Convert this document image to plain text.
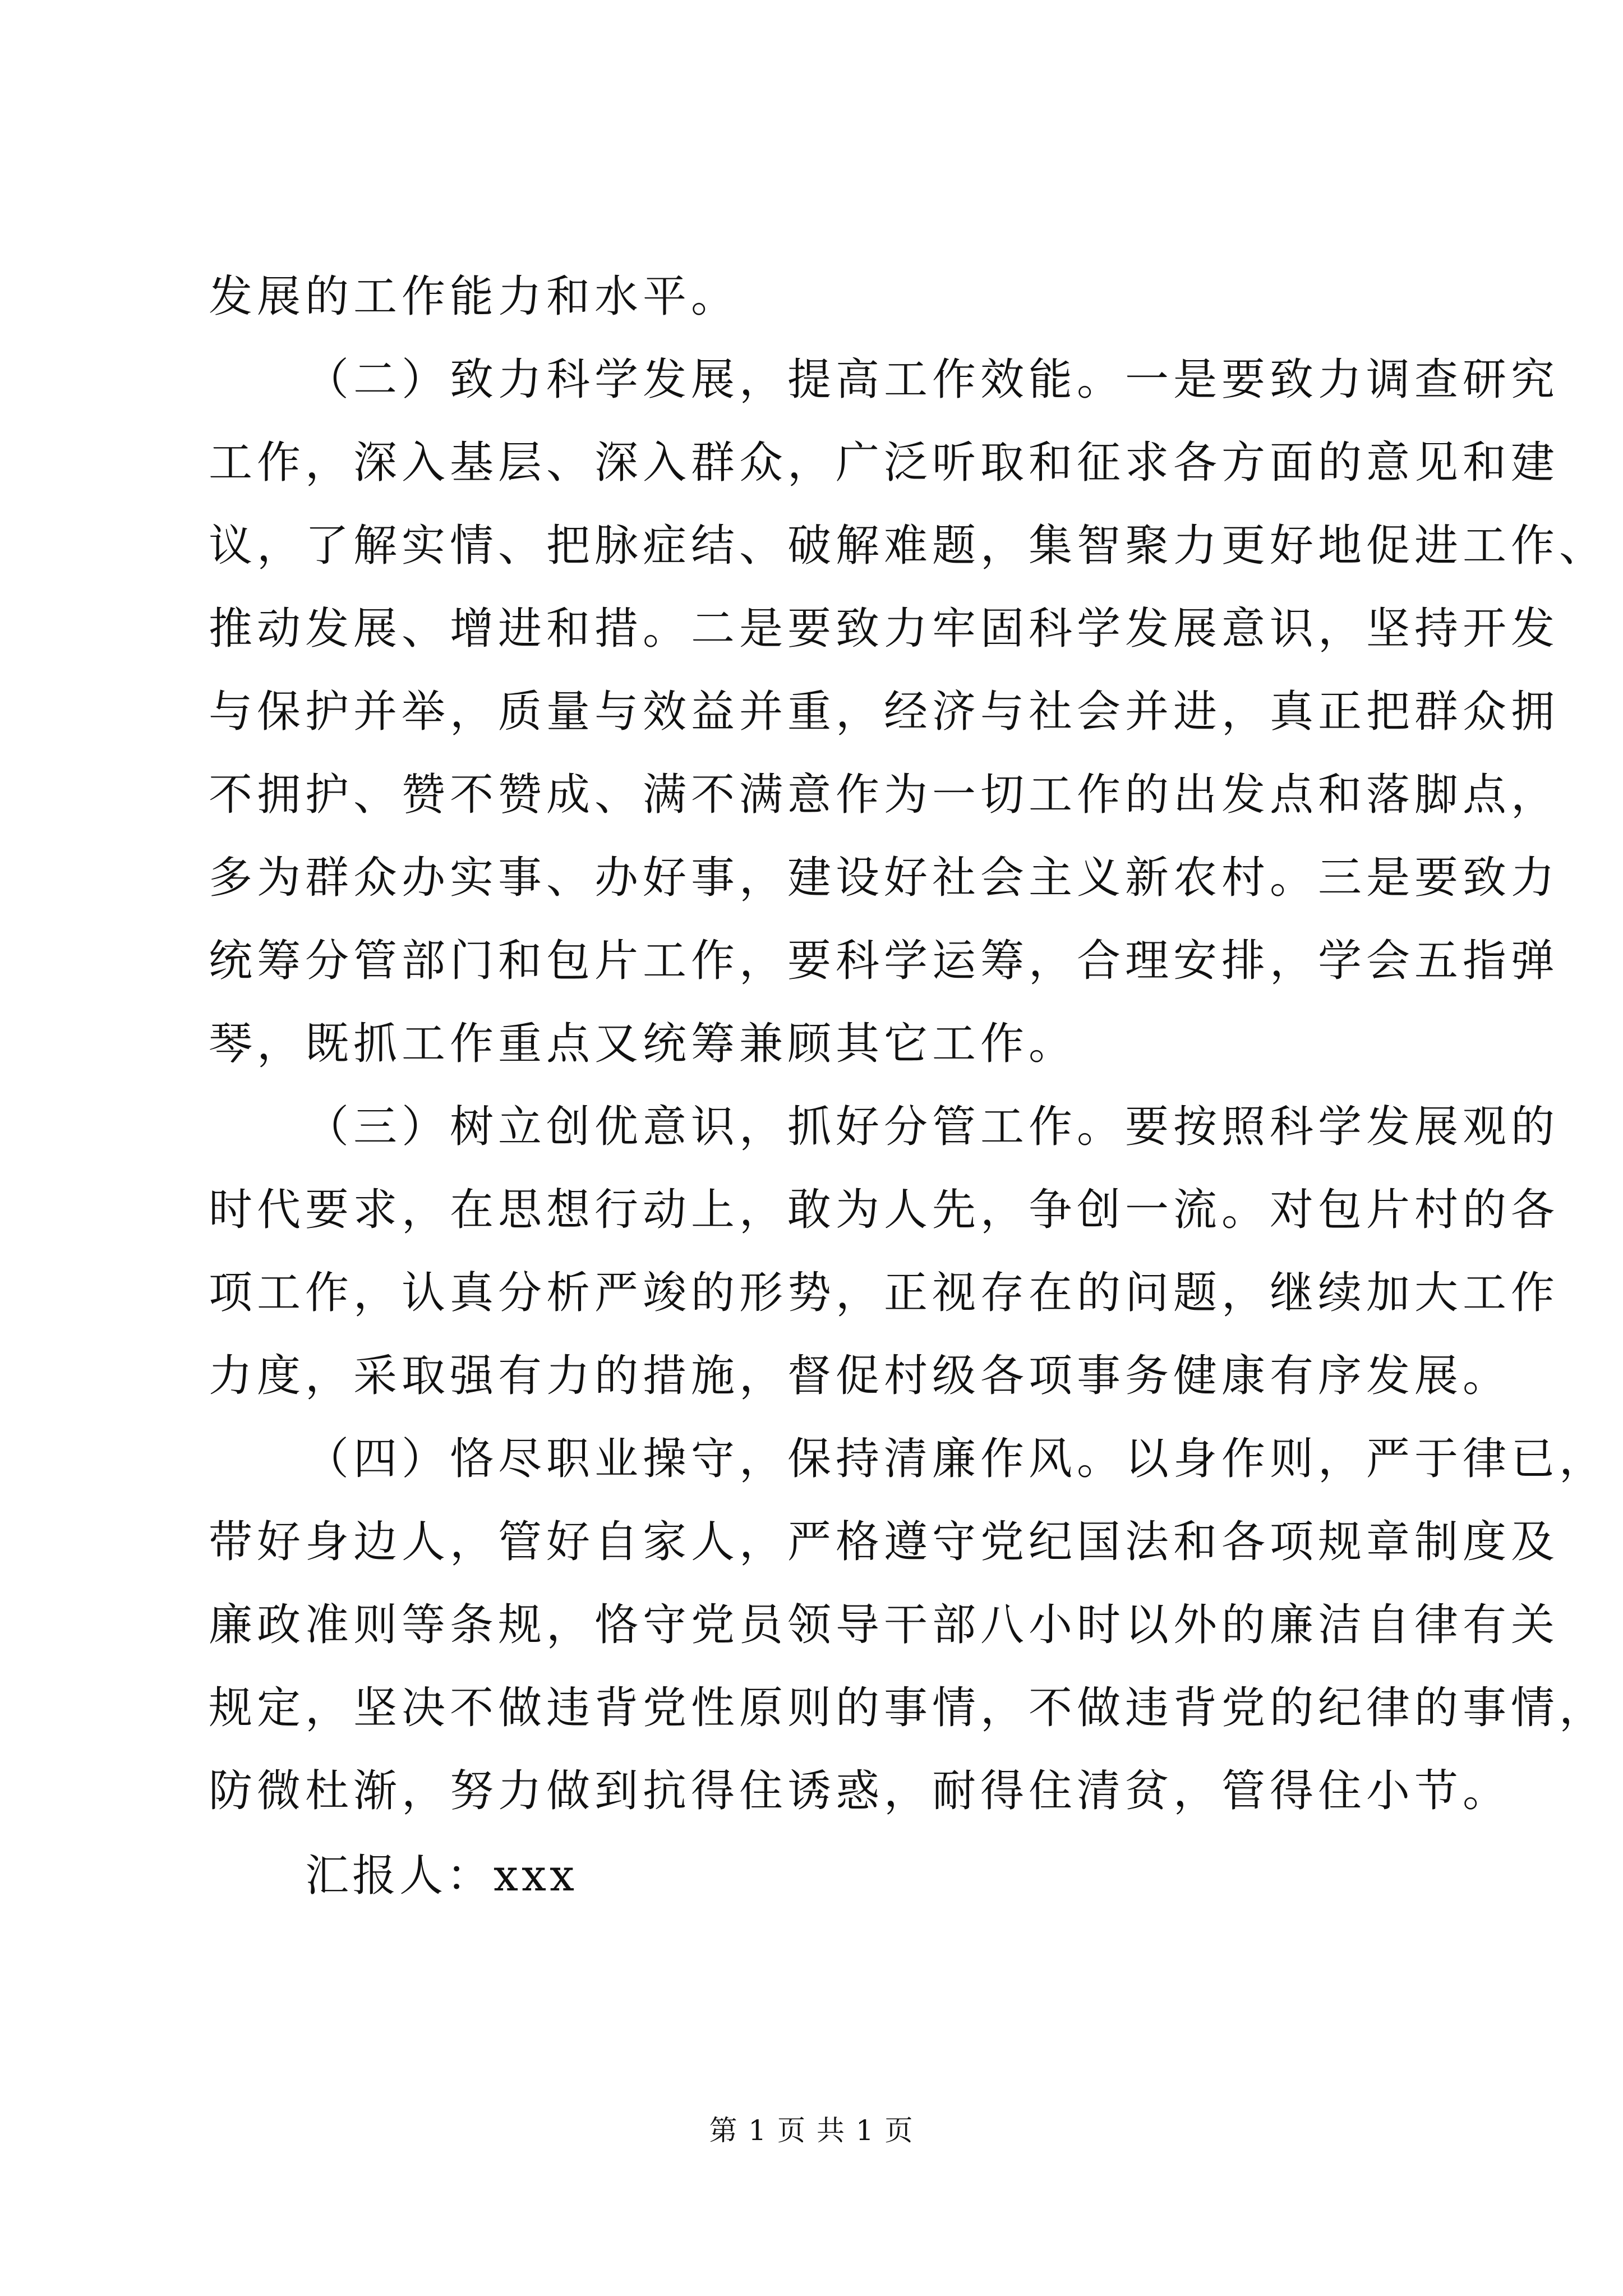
发展的工作能力和水平。
（二）致力科学发展，提高工作效能。一是要致力调查研究
工作，深入基层、深入群众，广泛听取和征求各方面的意见和建
议，了解实情、把脉症结、破解难题，集智聚力更好地促进工作、
推动发展、增进和措。二是要致力牢固科学发展意识，坚持开发
与保护并举，质量与效益并重，经济与社会并进，真正把群众拥
不拥护、赞不赞成、满不满意作为一切工作的出发点和落脚点，
多为群众办实事、办好事，建设好社会主义新农村。三是要致力
统筹分管部门和包片工作，要科学运筹，合理安排，学会五指弹
琴，既抓工作重点又统筹兼顾其它工作。
（三）树立创优意识，抓好分管工作。要按照科学发展观的
时代要求，在思想行动上，敢为人先，争创一流。对包片村的各
项工作，认真分析严竣的形势，正视存在的问题，继续加大工作
力度，采取强有力的措施，督促村级各项事务健康有序发展。
（四）恪尽职业操守，保持清廉作风。以身作则，严于律已，
带好身边人，管好自家人，严格遵守党纪国法和各项规章制度及
廉政准则等条规，恪守党员领导干部八小时以外的廉洁自律有关
规定，坚决不做违背党性原则的事情，不做违背党的纪律的事情，
防微杜渐，努力做到抗得住诱惑，耐得住清贫，管得住小节。
汇报人：xxx
第 1 页 共 1 页
